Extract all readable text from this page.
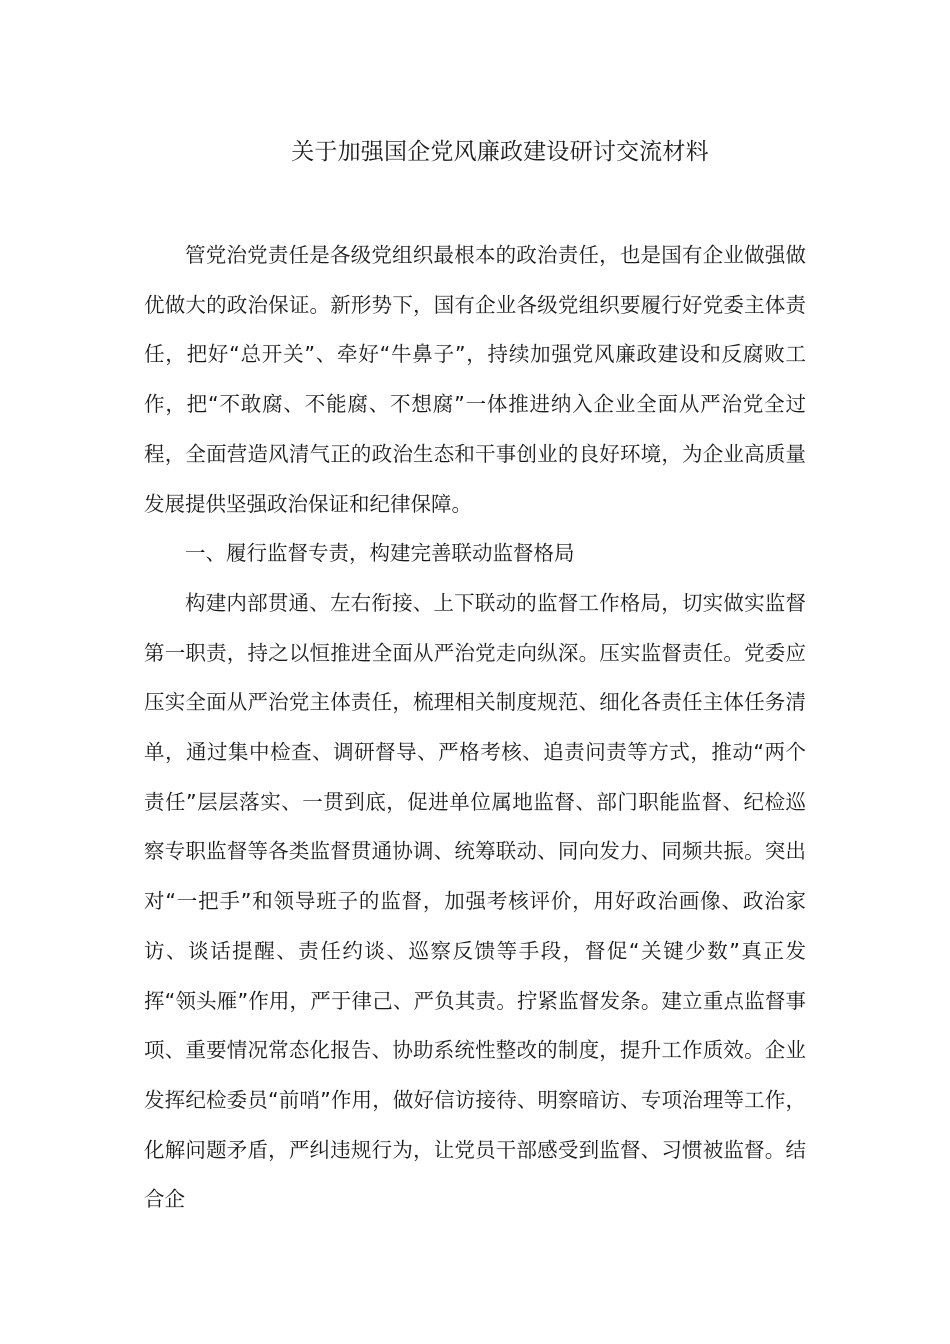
关于加强国企党风廉政建设研讨交流材料

管党治党责任是各级党组织最根本的政治责任，也是国有企业做强做优做大的政治保证。新形势下，国有企业各级党组织要履行好党委主体责任，把好“总开关”、牵好“牛鼻子”，持续加强党风廉政建设和反腐败工作，把“不敢腐、不能腐、不想腐”一体推进纳入企业全面从严治党全过程，全面营造风清气正的政治生态和干事创业的良好环境，为企业高质量发展提供坚强政治保证和纪律保障。

一、履行监督专责，构建完善联动监督格局

构建内部贯通、左右衔接、上下联动的监督工作格局，切实做实监督第一职责，持之以恒推进全面从严治党走向纵深。压实监督责任。党委应压实全面从严治党主体责任，梳理相关制度规范、细化各责任主体任务清单，通过集中检查、调研督导、严格考核、追责问责等方式，推动“两个责任”层层落实、一贯到底，促进单位属地监督、部门职能监督、纪检巡察专职监督等各类监督贯通协调、统筹联动、同向发力、同频共振。突出对“一把手”和领导班子的监督，加强考核评价，用好政治画像、政治家访、谈话提醒、责任约谈、巡察反馈等手段，督促“关键少数”真正发挥“领头雁”作用，严于律己、严负其责。拧紧监督发条。建立重点监督事项、重要情况常态化报告、协助系统性整改的制度，提升工作质效。企业发挥纪检委员“前哨”作用，做好信访接待、明察暗访、专项治理等工作，化解问题矛盾，严纠违规行为，让党员干部感受到监督、习惯被监督。结合企
